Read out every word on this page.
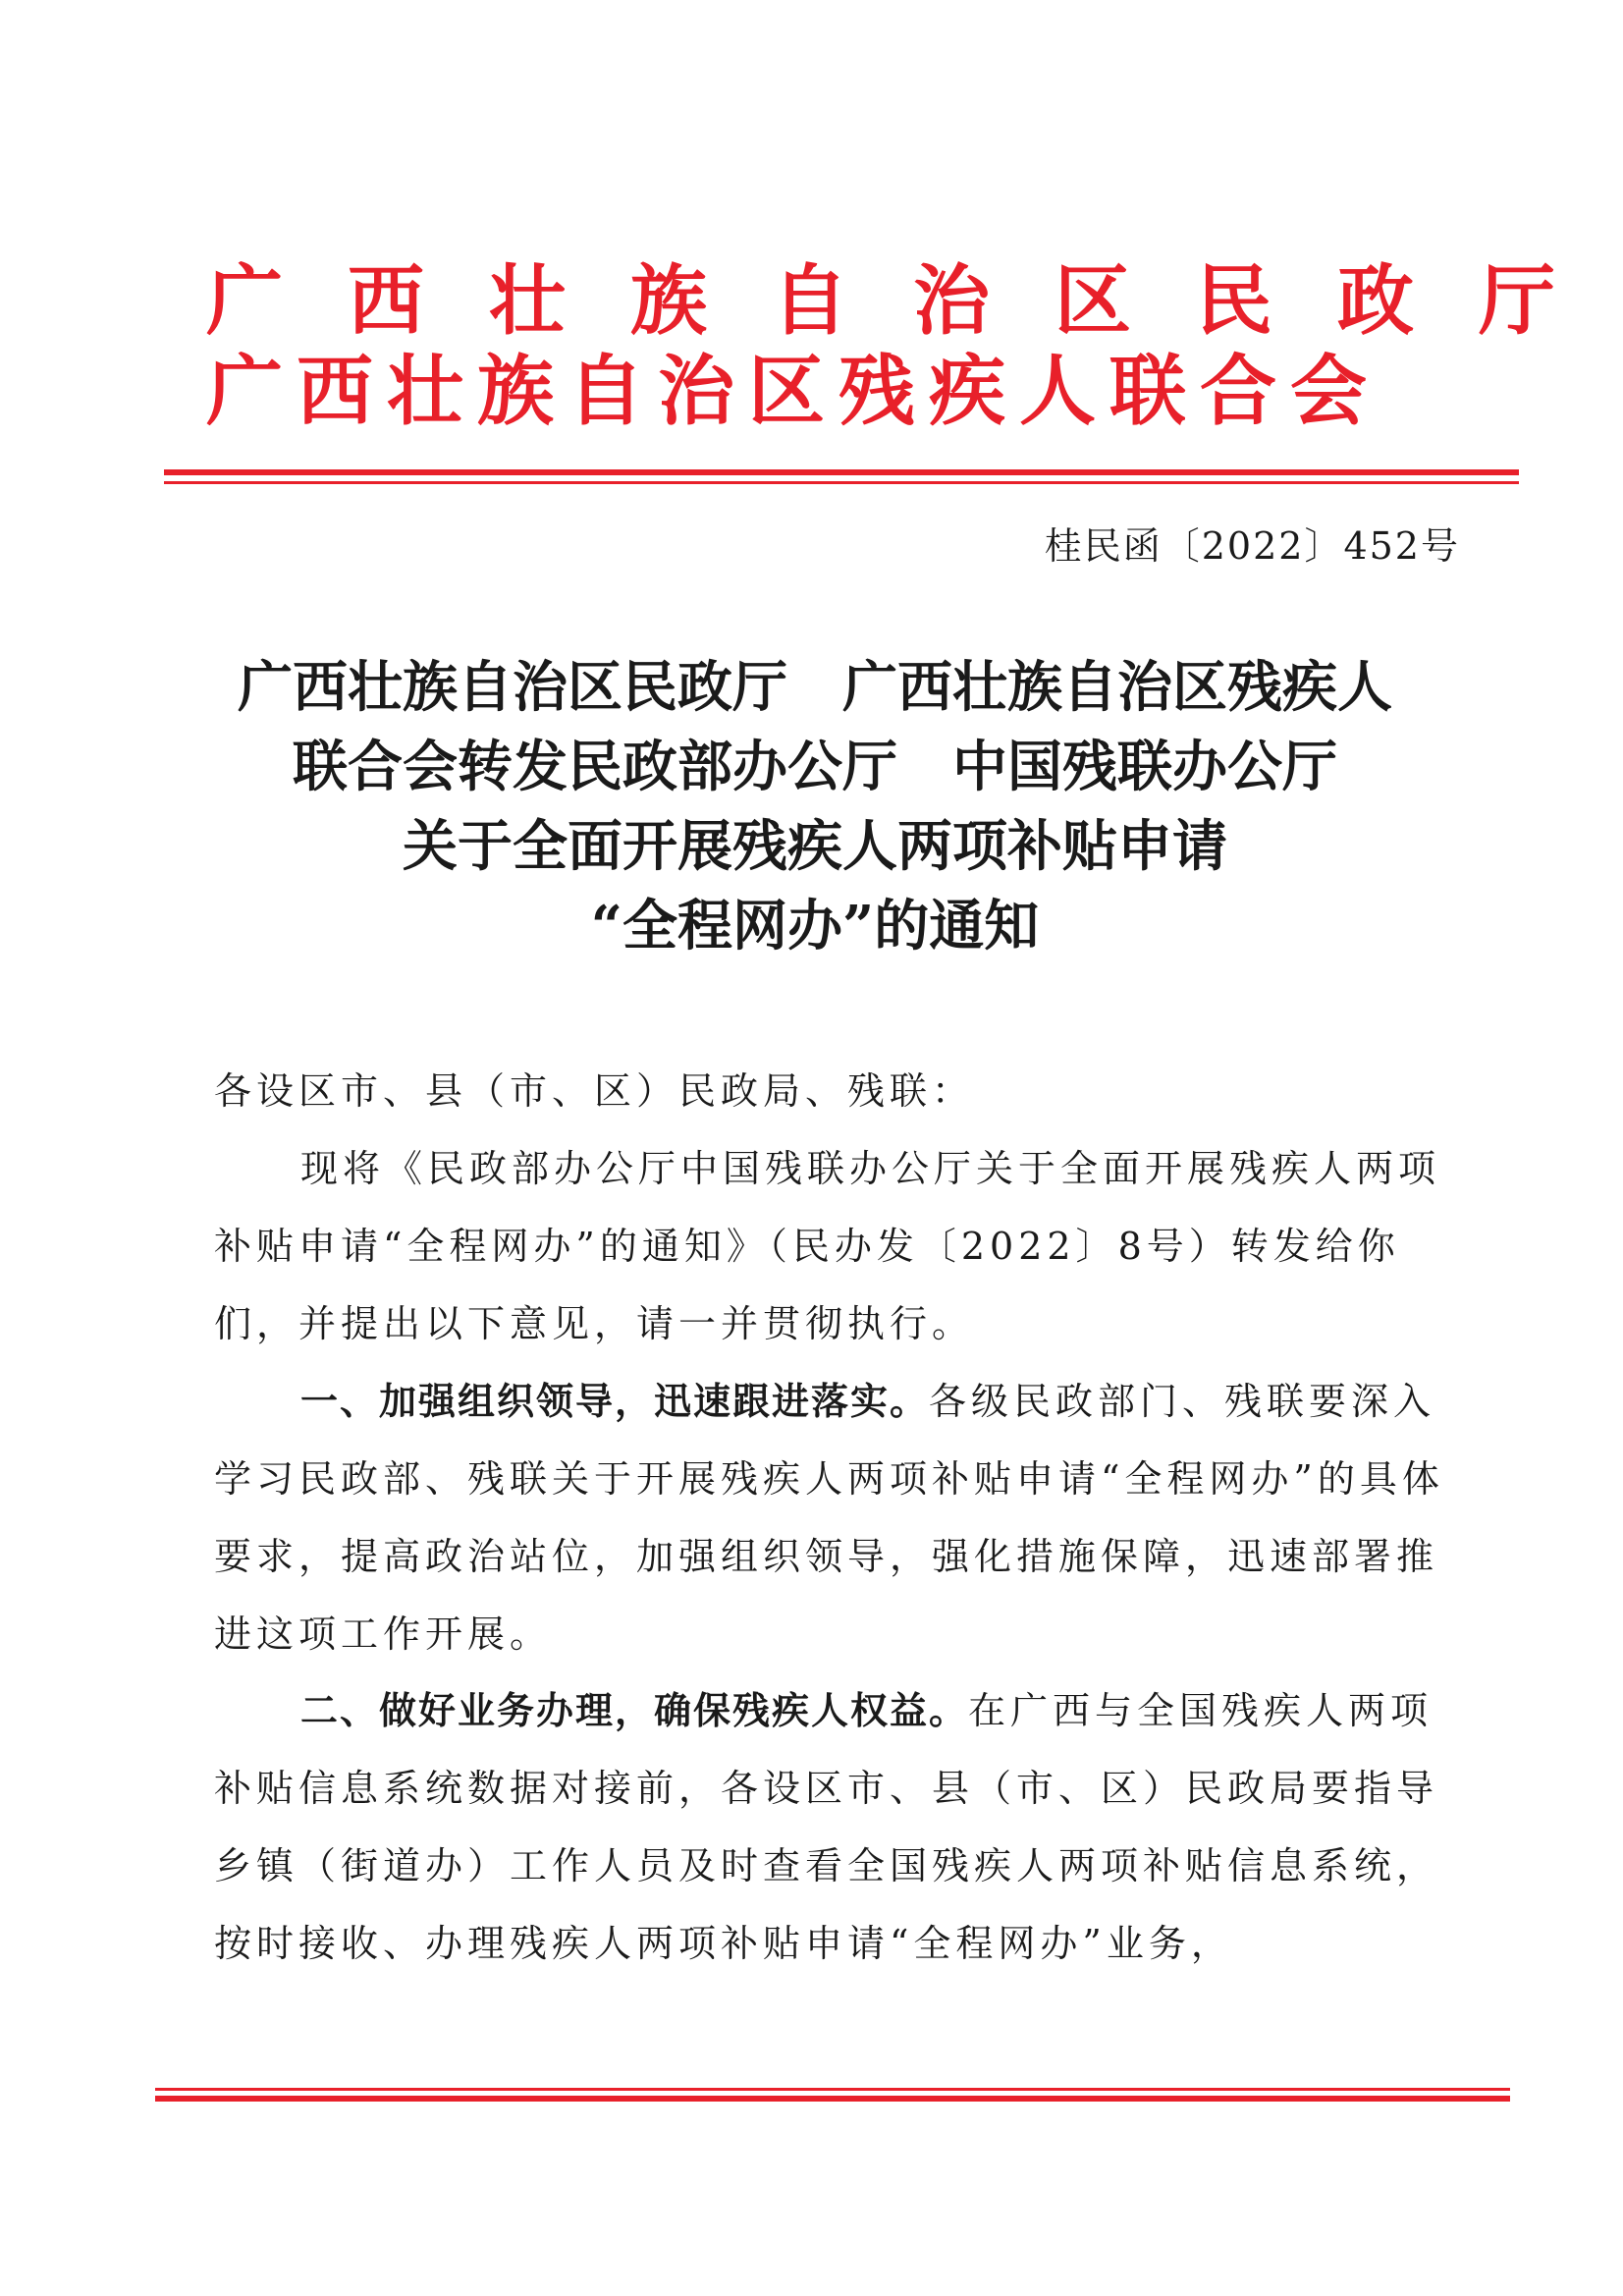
广西壮族自治区民政厅
广西壮族自治区残疾人联合会
桂民函〔2022〕452号
广西壮族自治区民政厅　广西壮族自治区残疾人
联合会转发民政部办公厅　中国残联办公厅
关于全面开展残疾人两项补贴申请
“全程网办”的通知
各设区市、县（市、区）民政局、残联：
现将《民政部办公厅中国残联办公厅关于全面开展残疾人两项补贴申请“全程网办”的通知》（民办发〔2022〕8号）转发给你们，并提出以下意见，请一并贯彻执行。
一、加强组织领导，迅速跟进落实。各级民政部门、残联要深入学习民政部、残联关于开展残疾人两项补贴申请“全程网办”的具体要求，提高政治站位，加强组织领导，强化措施保障，迅速部署推进这项工作开展。
二、做好业务办理，确保残疾人权益。在广西与全国残疾人两项补贴信息系统数据对接前，各设区市、县（市、区）民政局要指导乡镇（街道办）工作人员及时查看全国残疾人两项补贴信息系统，按时接收、办理残疾人两项补贴申请“全程网办”业务，
